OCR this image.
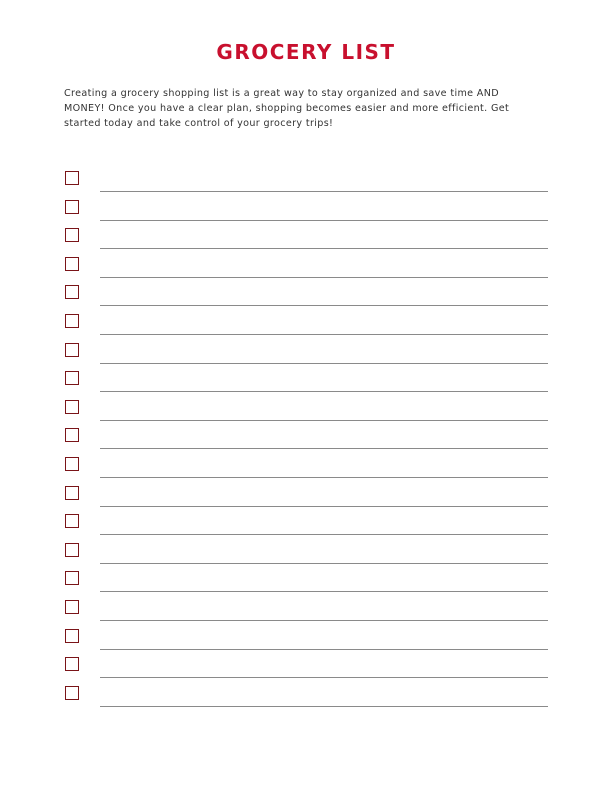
GROCERY LIST
Creating a grocery shopping list is a great way to stay organized and save time AND
MONEY! Once you have a clear plan, shopping becomes easier and more efficient. Get
started today and take control of your grocery trips!
